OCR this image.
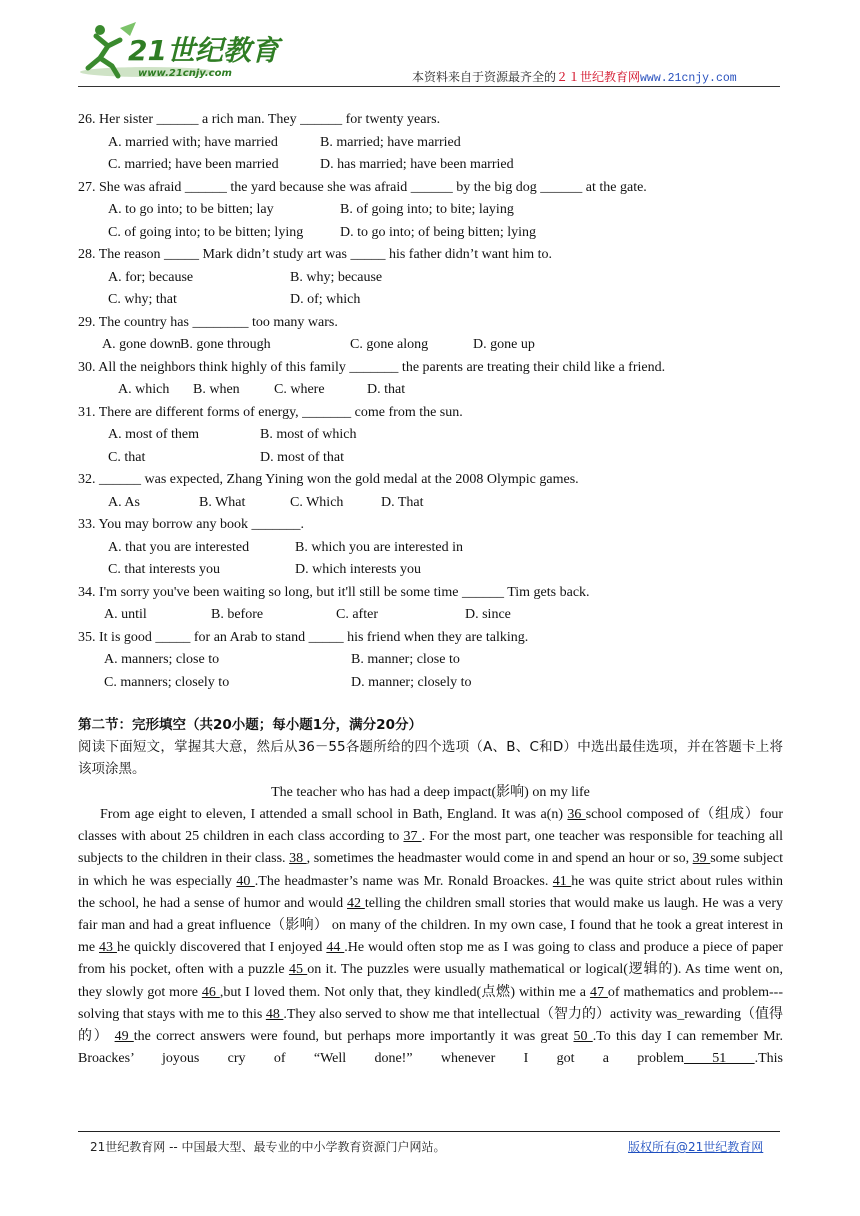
21世纪教育
www.21cnjy.com	本资料来自于资源最齐全的２１世纪教育网www.21cnjy.com
26. Her sister ______ a rich man. They ______ for twenty years.
A. married with; have married	B. married; have married
C. married; have been married	D. has married; have been married
27. She was afraid ______ the yard because she was afraid ______ by the big dog ______ at the gate.
A. to go into; to be bitten; lay	B. of going into; to bite; laying
C. of going into; to be bitten; lying	D. to go into; of being bitten; lying
28. The reason _____ Mark didn’t study art was _____ his father didn’t want him to.
A. for; because	B. why; because
C. why; that	D. of; which
29. The country has ________ too many wars.
A. gone down B. gone through	C. gone along	D. gone up
30. All the neighbors think highly of this family _______ the parents are treating their child like a friend.
A. which B. when C. where	D. that
31. There are different forms of energy, _______ come from the sun.
A. most of them	B. most of which
C. that	D. most of that
32. ______ was expected, Zhang Yining won the gold medal at the 2008 Olympic games.
A. As	B. What	C. Which	D. That
33. You may borrow any book _______.
A. that you are interested	B. which you are interested in
C. that interests you	D. which interests you
34. I'm sorry you've been waiting so long, but it'll still be some time ______ Tim gets back.
A. until	B. before	C. after	D. since
35. It is good _____ for an Arab to stand _____ his friend when they are talking.
A. manners; close to	B. manner; close to
C. manners; closely to	D. manner; closely to
第二节：完形填空（共20小题；每小题1分，满分20分）
阅读下面短文，掌握其大意，然后从36－55各题所给的四个选项（A、B、C和D）中选出最佳选项，并在答题卡上将该项涂黑。
The teacher who has had a deep impact(影响) on my life
From age eight to eleven, I attended a small school in Bath, England. It was a(n) 36 school composed of（组成）four classes with about 25 children in each class according to 37 . For the most part, one teacher was responsible for teaching all subjects to the children in their class. 38 , sometimes the headmaster would come in and spend an hour or so, 39 some subject in which he was especially 40 .The headmaster’s name was Mr. Ronald Broackes. 41 he was quite strict about rules within the school, he had a sense of humor and would 42 telling the children small stories that would make us laugh. He was a very fair man and had a great influence（影响） on many of the children. In my own case, I found that he took a great interest in me 43 he quickly discovered that I enjoyed 44 .He would often stop me as I was going to class and produce a piece of paper from his pocket, often with a puzzle 45 on it. The puzzles were usually mathematical or logical(逻辑的). As time went on, they slowly got more 46 ,but I loved them. Not only that, they kindled(点燃) within me a 47 of mathematics and problem---solving that stays with me to this 48 .They also served to show me that intellectual（智力的）activity was_rewarding（值得的） 49 the correct answers were found, but perhaps more importantly it was great 50 .To this day I can remember Mr. Broackes’ joyous cry of “Well done!” whenever I got a problem 51 .This
21世纪教育网 -- 中国最大型、最专业的中小学教育资源门户网站。	版权所有@21世纪教育网
